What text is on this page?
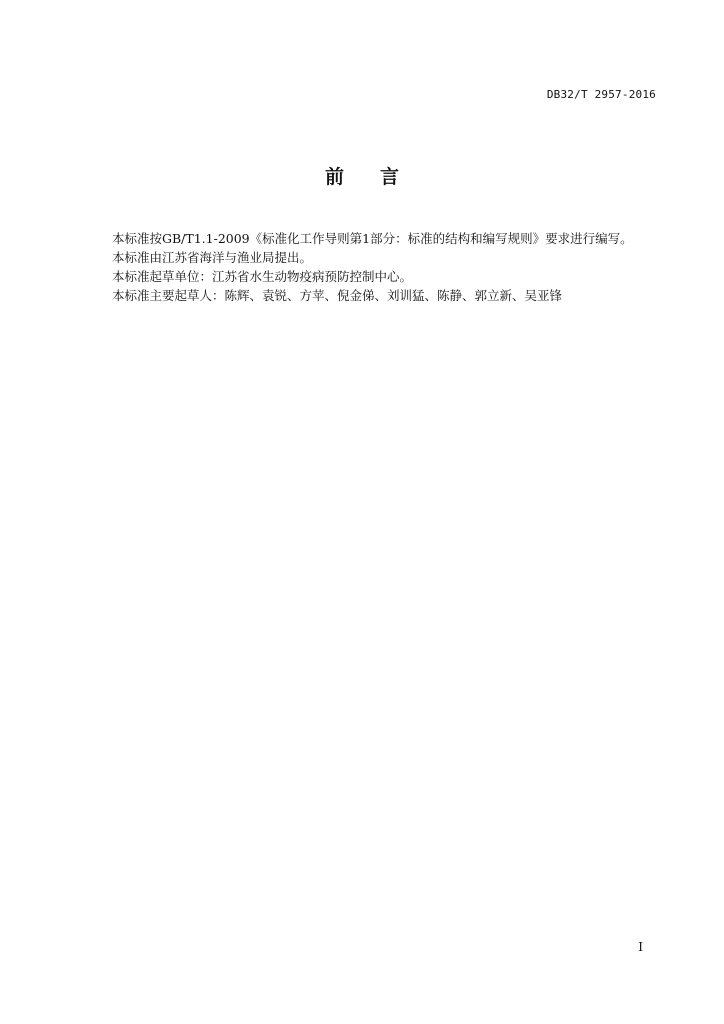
DB32/T 2957-2016
前 言

本标准按GB/T1.1-2009《标准化工作导则第1部分：标准的结构和编写规则》要求进行编写。

本标准由江苏省海洋与渔业局提出。

本标准起草单位：江苏省水生动物疫病预防控制中心。

本标准主要起草人：陈辉、袁锐、方苹、倪金俤、刘训猛、陈静、郭立新、吴亚锋

I
